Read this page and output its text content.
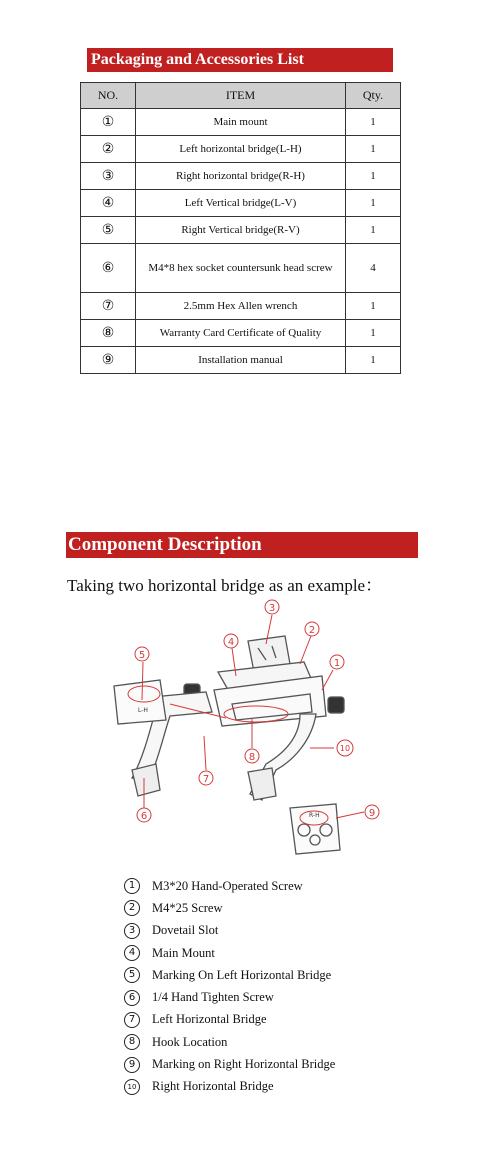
Packaging and Accessories List
NO.	ITEM	Qty.
①	Main mount	1
②	Left horizontal bridge(L-H)	1
③	Right horizontal bridge(R-H)	1
④	Left Vertical bridge(L-V)	1
⑤	Right Vertical bridge(R-V)	1
⑥	M4*8 hex socket countersunk head screw	4
⑦	2.5mm Hex Allen wrench	1
⑧	Warranty Card Certificate of Quality	1
⑨	Installation manual	1
Component Description
Taking two horizontal bridge as an example：
L-H
R-H
1
2
3
4
5
6
7
8
9
10
1	M3*20 Hand-Operated Screw
2	M4*25 Screw
3	Dovetail Slot
4	Main Mount
5	Marking On Left Horizontal Bridge
6	1/4 Hand Tighten Screw
7	Left Horizontal Bridge
8	Hook Location
9	Marking on Right Horizontal Bridge
10 Right Horizontal Bridge
